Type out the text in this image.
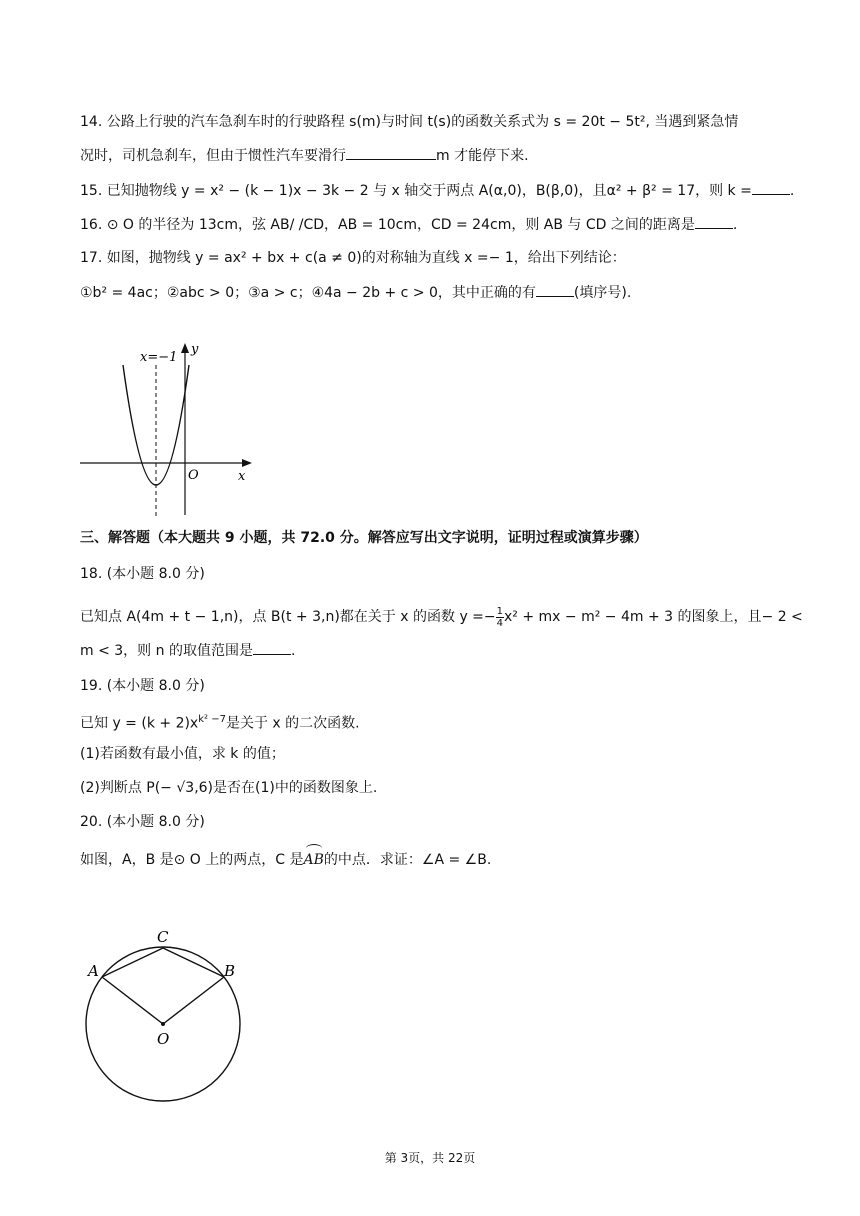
14. 公路上行驶的汽车急刹车时的行驶路程 s(m)与时间 t(s)的函数关系式为 s = 20t − 5t², 当遇到紧急情
况时，司机急刹车，但由于惯性汽车要滑行	m 才能停下来.
15. 已知抛物线 y = x² − (k − 1)x − 3k − 2 与 x 轴交于两点 A(α,0)，B(β,0)，且α² + β² = 17，则 k =	.
16. ⊙ O 的半径为 13cm，弦 AB/ /CD，AB = 10cm，CD = 24cm，则 AB 与 CD 之间的距离是	.
17. 如图，抛物线 y = ax² + bx + c(a ≠ 0)的对称轴为直线 x =− 1，给出下列结论：
①b² = 4ac；②abc > 0；③a > c；④4a − 2b + c > 0，其中正确的有	(填序号).
x=−1
y
x
O
三、解答题（本大题共 9 小题，共 72.0 分。解答应写出文字说明，证明过程或演算步骤）
18. (本小题 8.0 分)
已知点 A(4m + t − 1,n)，点 B(t + 3,n)都在关于 x 的函数 $y =- \frac{1}{4} x^2$ + mx − m² − 4m + 3 的图象上，且− 2 <
m < 3，则 n 的取值范围是	.
19. (本小题 8.0 分)
已知 $y = (k + 2)x^{k^2 -7}$是关于 x 的二次函数.
(1)若函数有最小值，求 k 的值；
(2)判断点 P(− √3,6)是否在(1)中的函数图象上.
20. (本小题 8.0 分)
如图，A，B 是⊙ O 上的两点，C 是
AB的中点．求证：∠A = ∠B.
C
A	B
O
第 3页，共 22页
